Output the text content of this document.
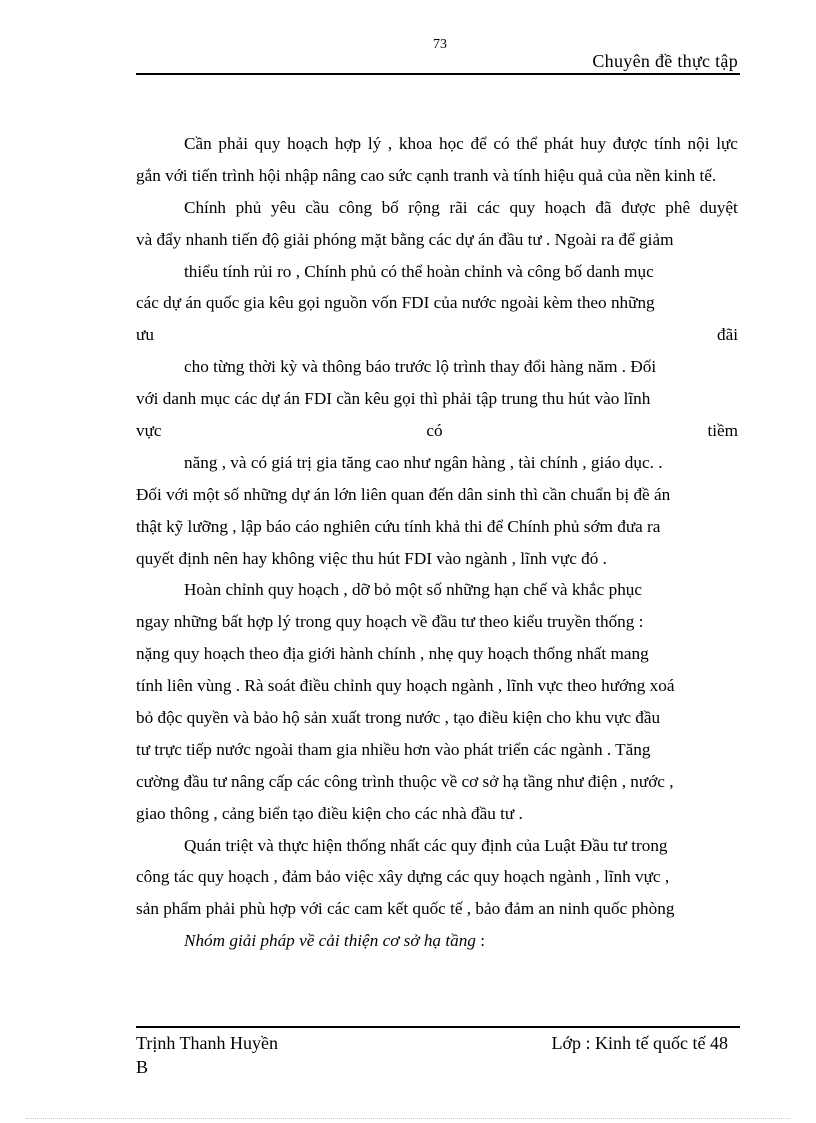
73
Chuyên đề thực tập
Cần phải quy hoạch hợp lý , khoa học để có thể phát huy được tính nội lực
gắn với tiến trình hội nhập nâng cao sức cạnh tranh và tính hiệu quả của nền kinh tế.
Chính phủ yêu cầu công bố rộng rãi các quy hoạch đã được phê duyệt
và đẩy nhanh tiến độ giải phóng mặt bằng các dự án đầu tư . Ngoài ra để giảm
thiểu tính rủi ro , Chính phủ có thể hoàn chỉnh và công bố danh mục
các dự án quốc gia kêu gọi nguồn vốn FDI của nước ngoài kèm theo những
ưu	đãi
cho từng thời kỳ và thông báo trước lộ trình thay đổi hàng năm . Đối
với danh mục các dự án FDI cần kêu gọi thì phải tập trung thu hút vào lĩnh
vực	có	tiềm
năng , và có giá trị gia tăng cao như ngân hàng , tài chính , giáo dục. .
Đối với một số những dự án lớn liên quan đến dân sinh thì cần chuẩn bị đề án
thật kỹ lưỡng , lập báo cáo nghiên cứu tính khả thi để Chính phủ sớm đưa ra
quyết định nên hay không việc thu hút FDI vào ngành , lĩnh vực đó .
Hoàn chỉnh quy hoạch , dỡ bỏ một số những hạn chế và khắc phục
ngay những bất hợp lý trong quy hoạch về đầu tư theo kiểu truyền thống :
nặng quy hoạch theo địa giới hành chính , nhẹ quy hoạch thống nhất mang
tính liên vùng . Rà soát điều chỉnh quy hoạch ngành , lĩnh vực theo hướng xoá
bỏ độc quyền và bảo hộ sản xuất trong nước , tạo điều kiện cho khu vực đầu
tư trực tiếp nước ngoài tham gia nhiều hơn vào phát triển các ngành . Tăng
cường đầu tư nâng cấp các công trình thuộc về cơ sở hạ tầng như điện , nước ,
giao thông , cảng biển tạo điều kiện cho các nhà đầu tư .
Quán triệt và thực hiện thống nhất các quy định của Luật Đầu tư trong
công tác quy hoạch , đảm bảo việc xây dựng các quy hoạch ngành , lĩnh vực ,
sản phẩm phải phù hợp với các cam kết quốc tế , bảo đảm an ninh quốc phòng
Nhóm giải pháp về cải thiện cơ sở hạ tầng :
Trịnh Thanh Huyền
B
Lớp : Kinh tế quốc tế 48
